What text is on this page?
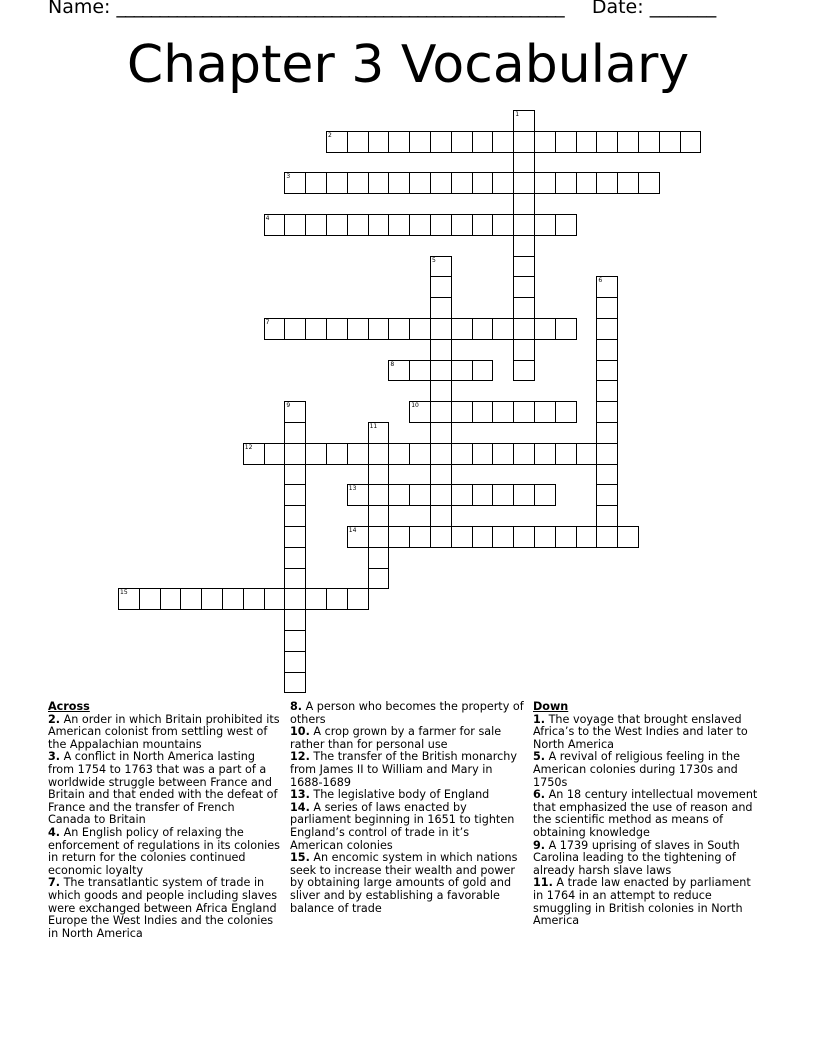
Name: ____________________________________________________ Date: _______
Chapter 3 Vocabulary
1
2
3
4
5
6
7
8
9	10
11
12
13
14
15
Across
2. An order in which Britain prohibited its American colonist from settling west of the Appalachian mountains
3. A conflict in North America lasting from 1754 to 1763 that was a part of a worldwide struggle between France and Britain and that ended with the defeat of France and the transfer of French Canada to Britain
4. An English policy of relaxing the enforcement of regulations in its colonies in return for the colonies continued economic loyalty
7. The transatlantic system of trade in which goods and people including slaves were exchanged between Africa England Europe the West Indies and the colonies in North America
8. A person who becomes the property of others
10. A crop grown by a farmer for sale rather than for personal use
12. The transfer of the British monarchy from James II to William and Mary in 1688-1689
13. The legislative body of England
14. A series of laws enacted by parliament beginning in 1651 to tighten England’s control of trade in it’s American colonies
15. An encomic system in which nations seek to increase their wealth and power by obtaining large amounts of gold and sliver and by establishing a favorable balance of trade
Down
1. The voyage that brought enslaved Africa’s to the West Indies and later to North America
5. A revival of religious feeling in the American colonies during 1730s and 1750s
6. An 18 century intellectual movement that emphasized the use of reason and the scientific method as means of obtaining knowledge
9. A 1739 uprising of slaves in South Carolina leading to the tightening of already harsh slave laws
11. A trade law enacted by parliament in 1764 in an attempt to reduce smuggling in British colonies in North America
